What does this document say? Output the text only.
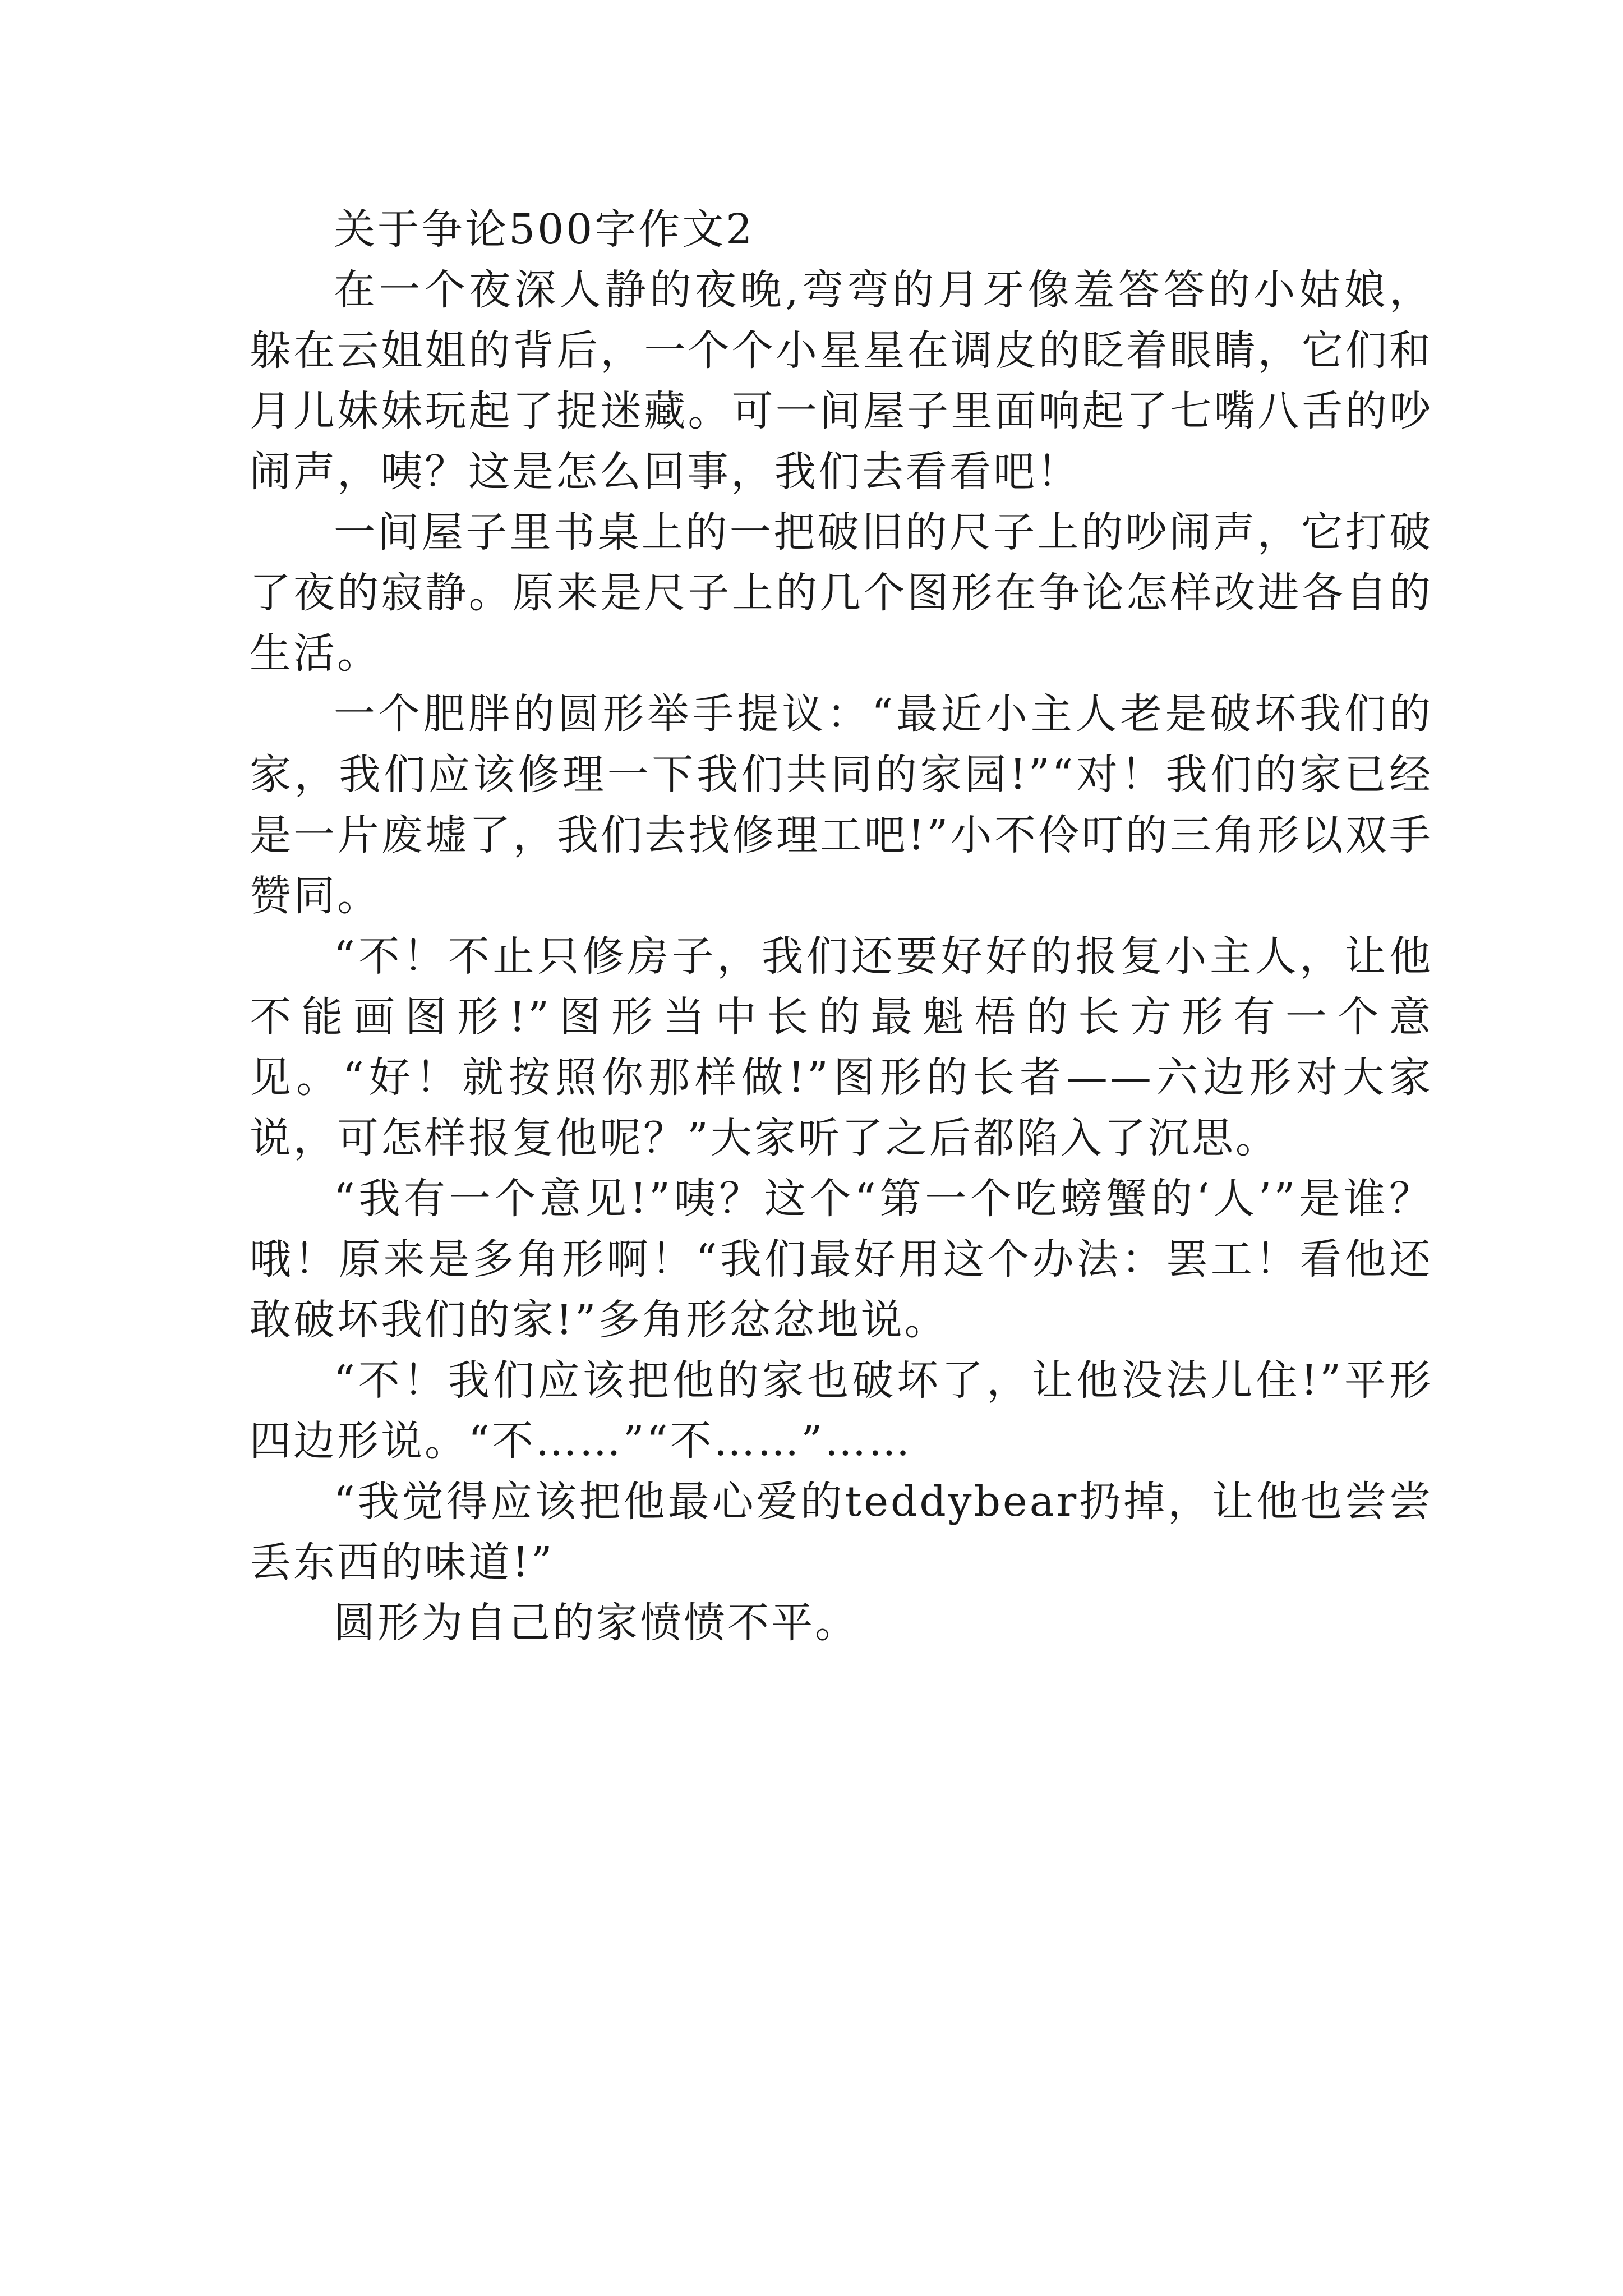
关于争论500字作文2

在一个夜深人静的夜晚,弯弯的月牙像羞答答的小姑娘，躲在云姐姐的背后，一个个小星星在调皮的眨着眼睛，它们和月儿妹妹玩起了捉迷藏。可一间屋子里面响起了七嘴八舌的吵闹声，咦？这是怎么回事，我们去看看吧！

一间屋子里书桌上的一把破旧的尺子上的吵闹声，它打破了夜的寂静。原来是尺子上的几个图形在争论怎样改进各自的生活。

一个肥胖的圆形举手提议：“最近小主人老是破坏我们的家，我们应该修理一下我们共同的家园!”“对！我们的家已经是一片废墟了，我们去找修理工吧!”小不伶叮的三角形以双手赞同。

“不！不止只修房子，我们还要好好的报复小主人，让他不能画图形!”图形当中长的最魁梧的长方形有一个意见。“好！就按照你那样做!”图形的长者——六边形对大家说，可怎样报复他呢？”大家听了之后都陷入了沉思。

“我有一个意见!”咦？这个“第一个吃螃蟹的‘人’”是谁？哦！原来是多角形啊！“我们最好用这个办法：罢工！看他还敢破坏我们的家!”多角形忿忿地说。

“不！我们应该把他的家也破坏了，让他没法儿住!”平形四边形说。“不……”“不……”……

“我觉得应该把他最心爱的teddybear扔掉，让他也尝尝丢东西的味道!”

圆形为自己的家愤愤不平。
